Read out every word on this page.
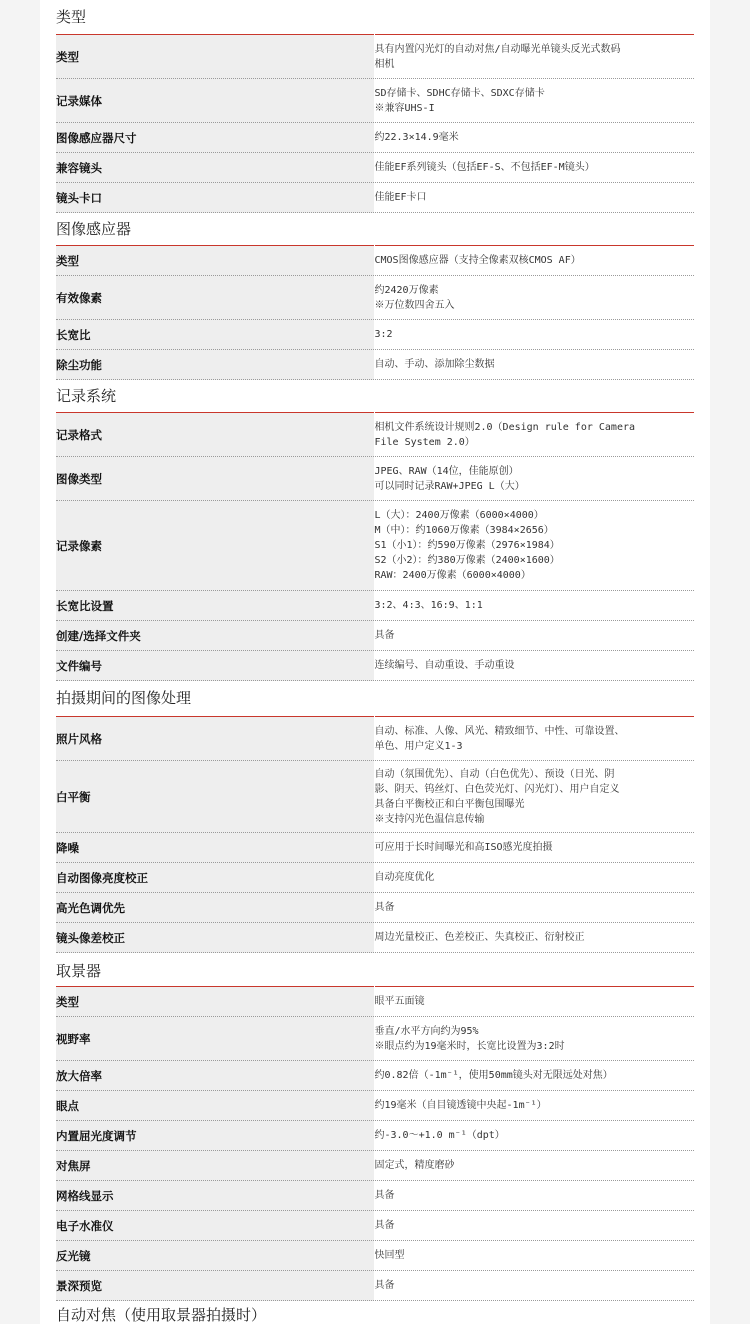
类型
类型	具有内置闪光灯的自动对焦/自动曝光单镜头反光式数码
相机

记录媒体	SD存储卡、SDHC存储卡、SDXC存储卡
※兼容UHS-I

图像感应器尺寸	约22.3×14.9毫米

兼容镜头	佳能EF系列镜头（包括EF-S、不包括EF-M镜头）

镜头卡口	佳能EF卡口
图像感应器
类型	CMOS图像感应器（支持全像素双核CMOS AF）

有效像素	约2420万像素
※万位数四舍五入

长宽比	3:2

除尘功能	自动、手动、添加除尘数据
记录系统
记录格式	相机文件系统设计规则2.0（Design rule for Camera
File System 2.0）

图像类型	JPEG、RAW（14位，佳能原创）
可以同时记录RAW+JPEG L（大）

记录像素	L（大）：2400万像素（6000×4000）
M（中）：约1060万像素（3984×2656）
S1（小1）：约590万像素（2976×1984）
S2（小2）：约380万像素（2400×1600）
RAW：2400万像素（6000×4000）

长宽比设置	3:2、4:3、16:9、1:1

创建/选择文件夹	具备

文件编号	连续编号、自动重设、手动重设
拍摄期间的图像处理
照片风格	自动、标准、人像、风光、精致细节、中性、可靠设置、
单色、用户定义1-3

白平衡	自动（氛围优先）、自动（白色优先）、预设（日光、阴
影、阴天、钨丝灯、白色荧光灯、闪光灯）、用户自定义
具备白平衡校正和白平衡包围曝光
※支持闪光色温信息传输

降噪	可应用于长时间曝光和高ISO感光度拍摄

自动图像亮度校正	自动亮度优化

高光色调优先	具备

镜头像差校正	周边光量校正、色差校正、失真校正、衍射校正
取景器
类型	眼平五面镜

视野率	垂直/水平方向约为95%
※眼点约为19毫米时，长宽比设置为3:2时

放大倍率	约0.82倍（-1m⁻¹，使用50mm镜头对无限远处对焦）

眼点	约19毫米（自目镜透镜中央起-1m⁻¹）

内置屈光度调节	约-3.0～+1.0 m⁻¹（dpt）

对焦屏	固定式，精度磨砂

网格线显示	具备

电子水准仪	具备

反光镜	快回型

景深预览	具备
自动对焦（使用取景器拍摄时）
